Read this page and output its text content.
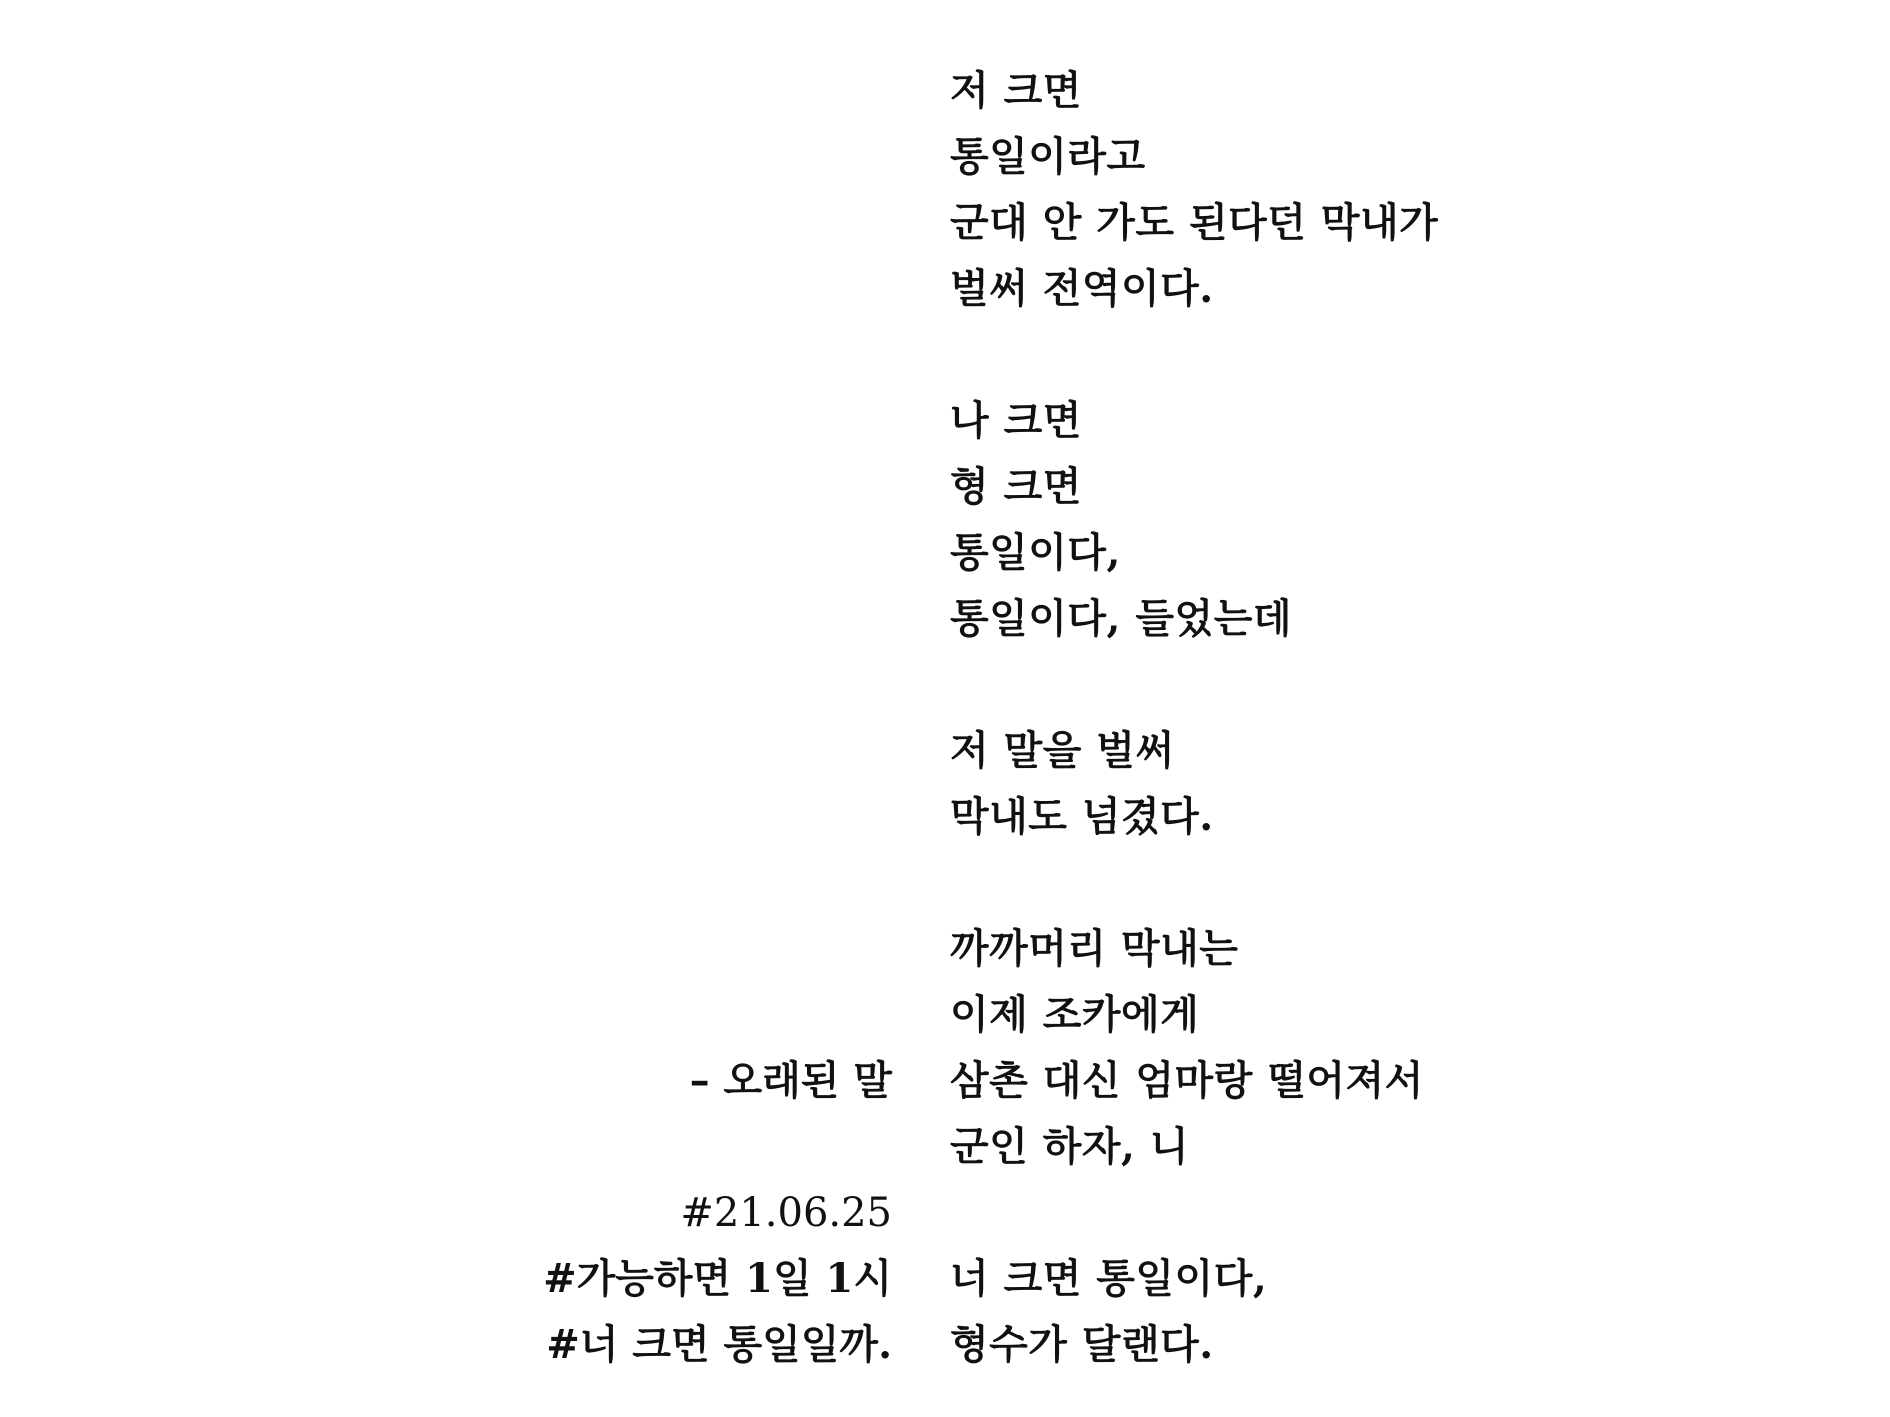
저 크면
통일이라고
군대 안 가도 된다던 막내가
벌써 전역이다.
나 크면
형 크면
통일이다,
통일이다, 들었는데
저 말을 벌써
막내도 넘겼다.
까까머리 막내는
이제 조카에게
삼촌 대신 엄마랑 떨어져서
군인 하자, 니
너 크면 통일이다,
형수가 달랜다.
– 오래된 말
#21.06.25
#가능하면 1일 1시
#너 크면 통일일까.
